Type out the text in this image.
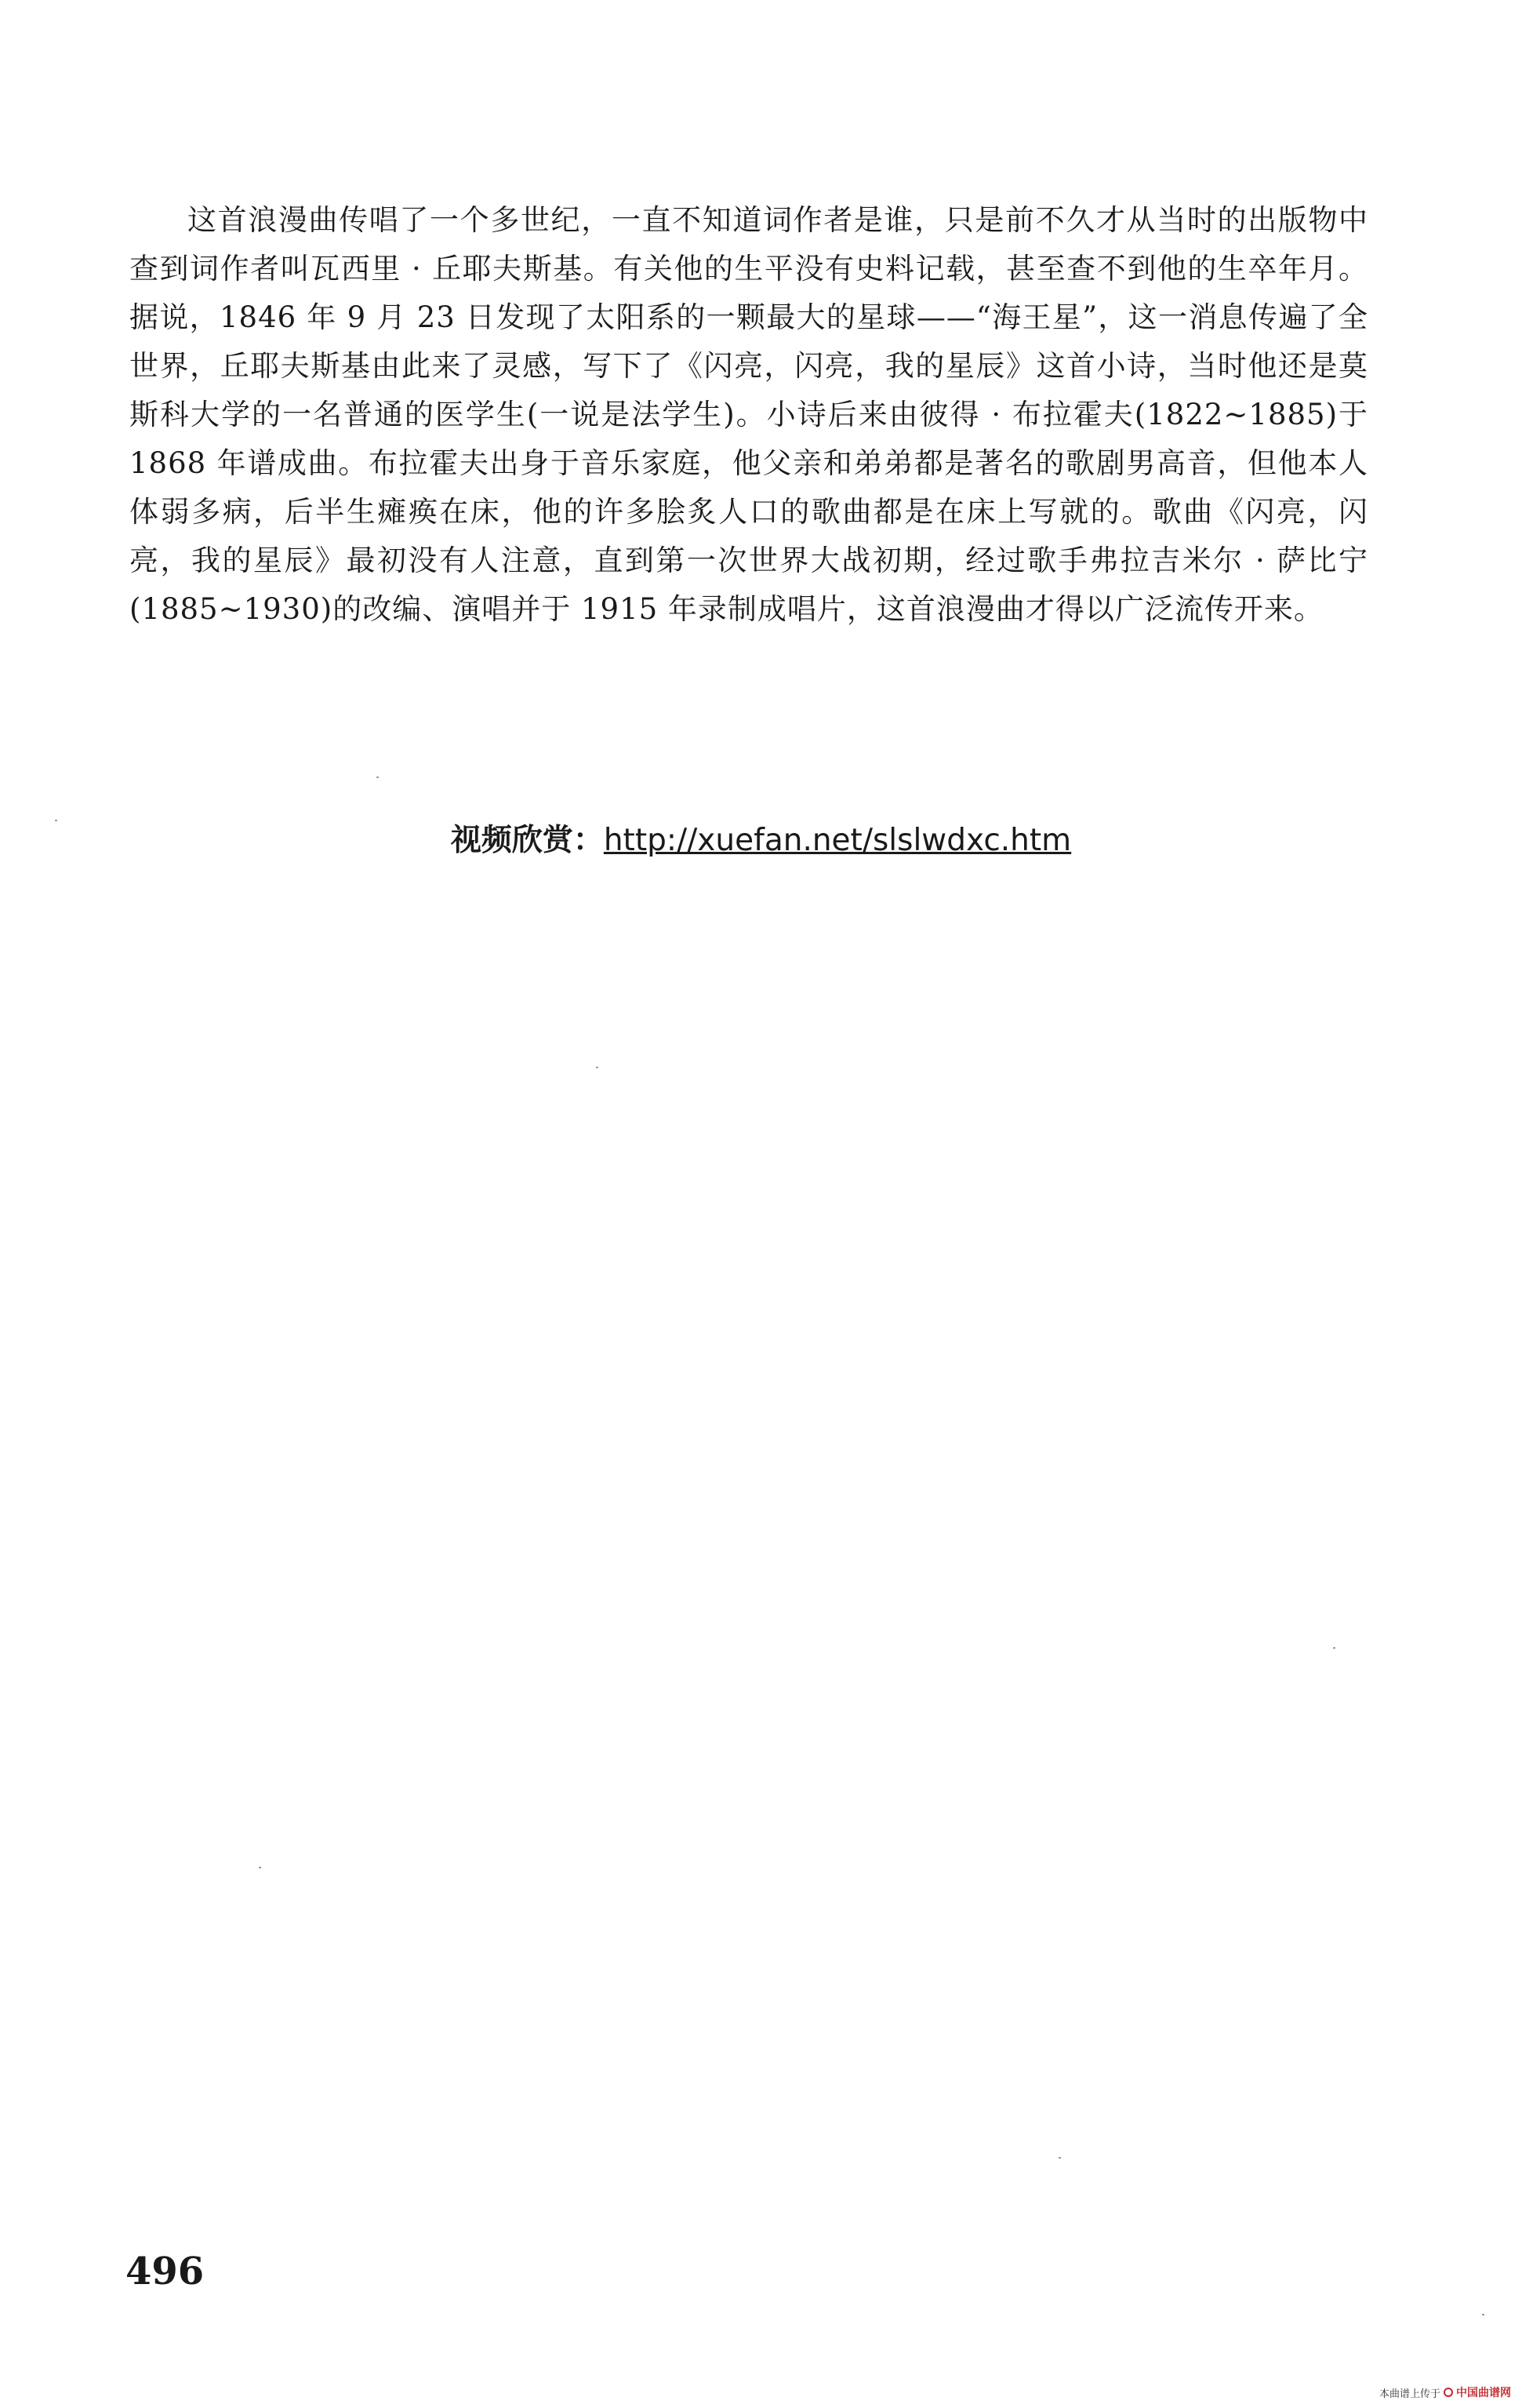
这首浪漫曲传唱了一个多世纪，一直不知道词作者是谁，只是前不久才从当时的出版物中查到词作者叫瓦西里 · 丘耶夫斯基。有关他的生平没有史料记载，甚至查不到他的生卒年月。据说，1846 年 9 月 23 日发现了太阳系的一颗最大的星球——“海王星”，这一消息传遍了全世界，丘耶夫斯基由此来了灵感，写下了《闪亮，闪亮，我的星辰》这首小诗，当时他还是莫斯科大学的一名普通的医学生(一说是法学生)。小诗后来由彼得 · 布拉霍夫(1822~1885)于 1868 年谱成曲。布拉霍夫出身于音乐家庭，他父亲和弟弟都是著名的歌剧男高音，但他本人体弱多病，后半生瘫痪在床，他的许多脍炙人口的歌曲都是在床上写就的。歌曲《闪亮，闪亮，我的星辰》最初没有人注意，直到第一次世界大战初期，经过歌手弗拉吉米尔 · 萨比宁(1885~1930)的改编、演唱并于 1915 年录制成唱片，这首浪漫曲才得以广泛流传开来。

视频欣赏：http://xuefan.net/slslwdxc.htm
496
本曲谱上传于 中国曲谱网
